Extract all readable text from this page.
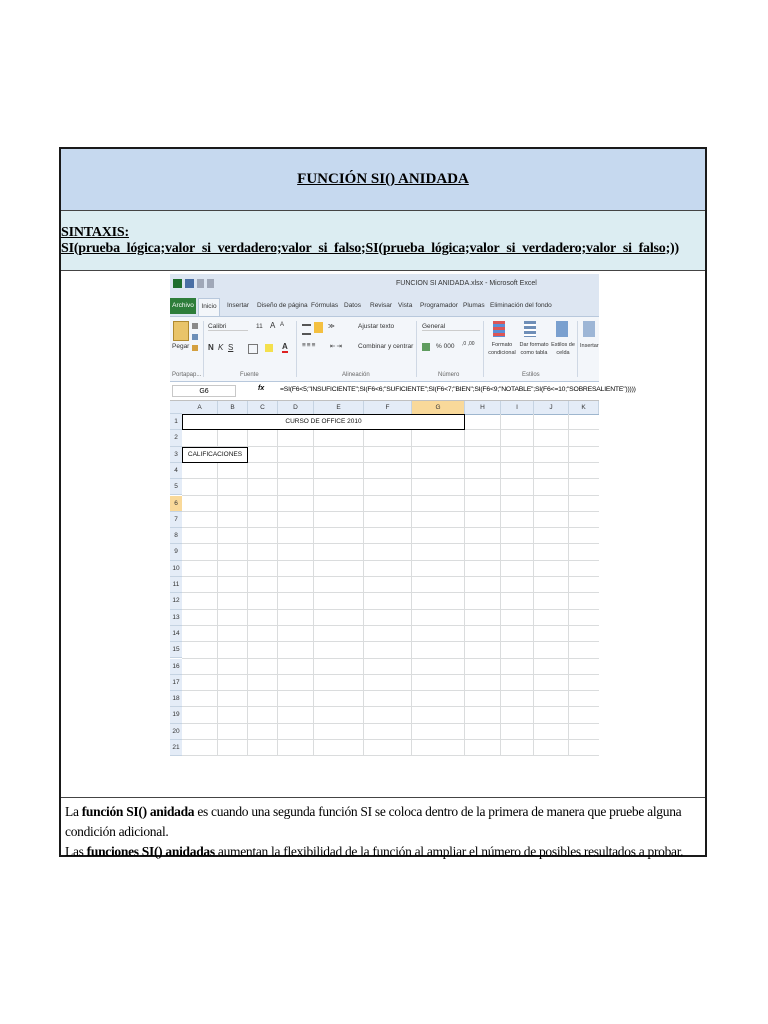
FUNCIÓN SI() ANIDADA
SINTAXIS: SI(prueba_lógica;valor_si_verdadero;valor_si_falso;SI(prueba_lógica;valor_si_verdadero;valor_si_falso;))
FUNCION SI ANIDADA.xlsx - Microsoft Excel
Archivo	Inicio	Insertar Diseño de página Fórmulas Datos Revisar Vista Programador Plumas Eliminación del fondo
Pegar
Calibri	11 A A
N K S	A
≫
≡≡≡ ⇤⇥
Ajustar texto
Combinar y centrar
General
% 000 ,0 ,00	Formato condicional
Dar formato como tabla
Estilos de celda
Insertar
Portapap...	Fuente	Alineación	Número	Estilos
G6	fx =SI(F6<5;"INSUFICIENTE";SI(F6<6;"SUFICIENTE";SI(F6<7;"BIEN";SI(F6<9;"NOTABLE";SI(F6<=10;"SOBRESALIENTE")))))
A	B	C	D	E	F	G	H	I	J	K
1
2
3
4
5
6
7
8
9
10
11
12
13
14
15
16
17
18
19
20
21
CURSO DE OFFICE 2010
CALIFICACIONES
La función SI() anidada es cuando una segunda función SI se coloca dentro de la primera de manera que pruebe alguna condición adicional.
Las funciones SI() anidadas aumentan la flexibilidad de la función al ampliar el número de posibles resultados a probar.
